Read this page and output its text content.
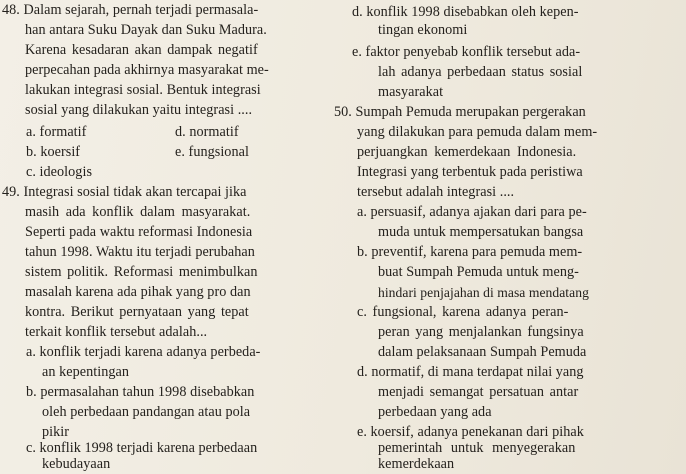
48. Dalam sejarah, pernah terjadi permasala-
han antara Suku Dayak dan Suku Madura.
Karena kesadaran akan dampak negatif
perpecahan pada akhirnya masyarakat me-
lakukan integrasi sosial. Bentuk integrasi
sosial yang dilakukan yaitu integrasi ....
a. formatif	d. normatif
b. koersif	e. fungsional
c. ideologis
49. Integrasi sosial tidak akan tercapai jika
masih ada konflik dalam masyarakat.
Seperti pada waktu reformasi Indonesia
tahun 1998. Waktu itu terjadi perubahan
sistem politik. Reformasi menimbulkan
masalah karena ada pihak yang pro dan
kontra. Berikut pernyataan yang tepat
terkait konflik tersebut adalah...
a. konflik terjadi karena adanya perbeda-
an kepentingan
b. permasalahan tahun 1998 disebabkan
oleh perbedaan pandangan atau pola
pikir
c. konflik 1998 terjadi karena perbedaan
kebudayaan
d. konflik 1998 disebabkan oleh kepen-
tingan ekonomi
e. faktor penyebab konflik tersebut ada-
lah adanya perbedaan status sosial
masyarakat
50. Sumpah Pemuda merupakan pergerakan
yang dilakukan para pemuda dalam mem-
perjuangkan kemerdekaan Indonesia.
Integrasi yang terbentuk pada peristiwa
tersebut adalah integrasi ....
a. persuasif, adanya ajakan dari para pe-
muda untuk mempersatukan bangsa
b. preventif, karena para pemuda mem-
buat Sumpah Pemuda untuk meng-
hindari penjajahan di masa mendatang
c. fungsional, karena adanya peran-
peran yang menjalankan fungsinya
dalam pelaksanaan Sumpah Pemuda
d. normatif, di mana terdapat nilai yang
menjadi semangat persatuan antar
perbedaan yang ada
e. koersif, adanya penekanan dari pihak
pemerintah untuk menyegerakan
kemerdekaan
